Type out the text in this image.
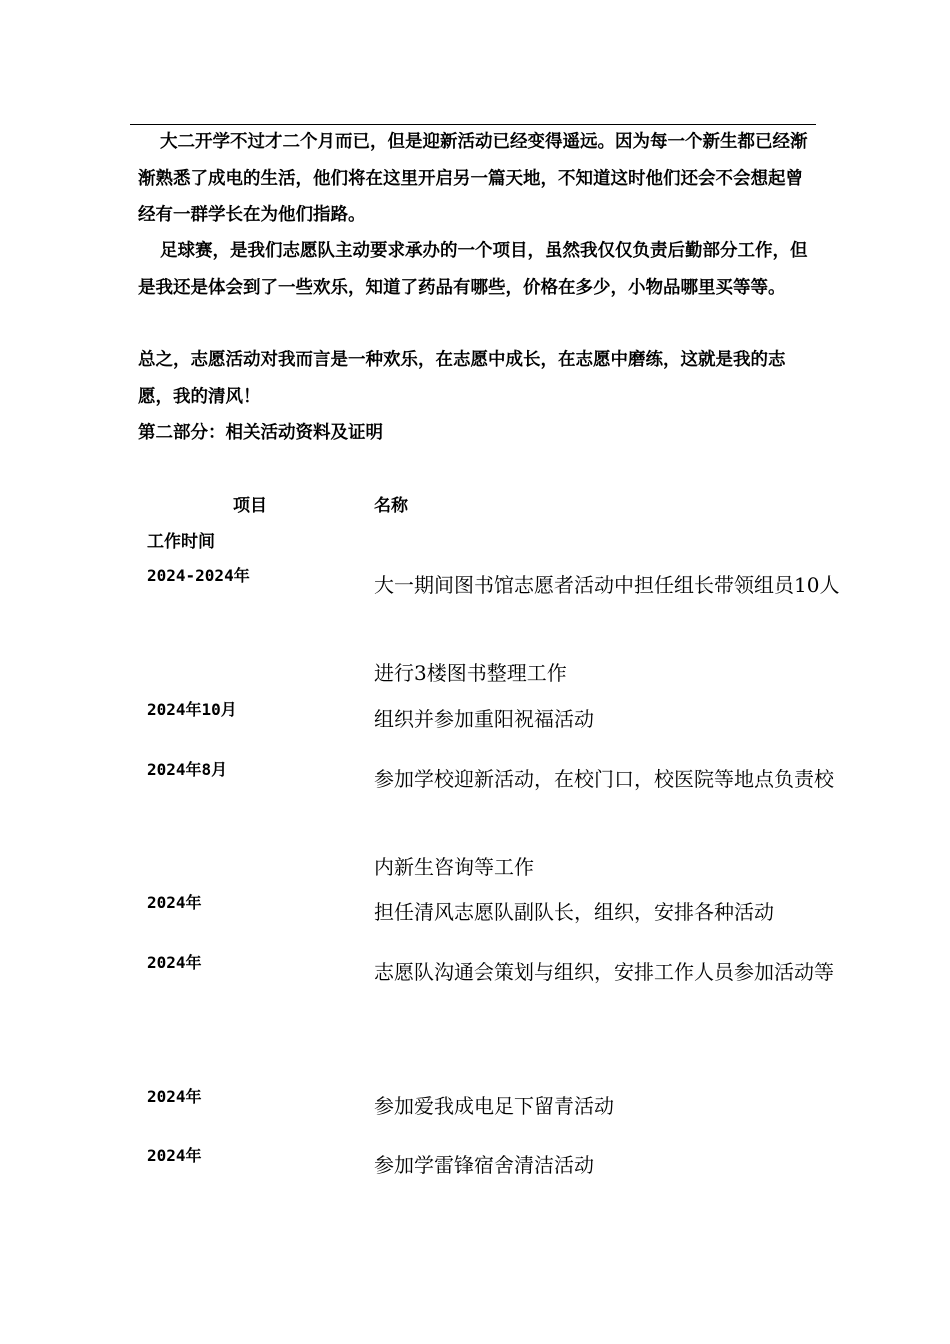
大二开学不过才二个月而已，但是迎新活动已经变得遥远。因为每一个新生都已经渐渐熟悉了成电的生活，他们将在这里开启另一篇天地，不知道这时他们还会不会想起曾经有一群学长在为他们指路。

足球赛，是我们志愿队主动要求承办的一个项目，虽然我仅仅负责后勤部分工作，但是我还是体会到了一些欢乐，知道了药品有哪些，价格在多少，小物品哪里买等等。

总之，志愿活动对我而言是一种欢乐，在志愿中成长，在志愿中磨练，这就是我的志愿，我的清风！

第二部分：相关活动资料及证明

项目	名称
工作时间
2024-2024年	大一期间图书馆志愿者活动中担任组长带领组员10人进行3楼图书整理工作

2024年10月	组织并参加重阳祝福活动

2024年8月	参加学校迎新活动，在校门口，校医院等地点负责校内新生咨询等工作

2024年	担任清风志愿队副队长，组织，安排各种活动

2024年	志愿队沟通会策划与组织，安排工作人员参加活动等

2024年	参加爱我成电足下留青活动

2024年	参加学雷锋宿舍清洁活动
